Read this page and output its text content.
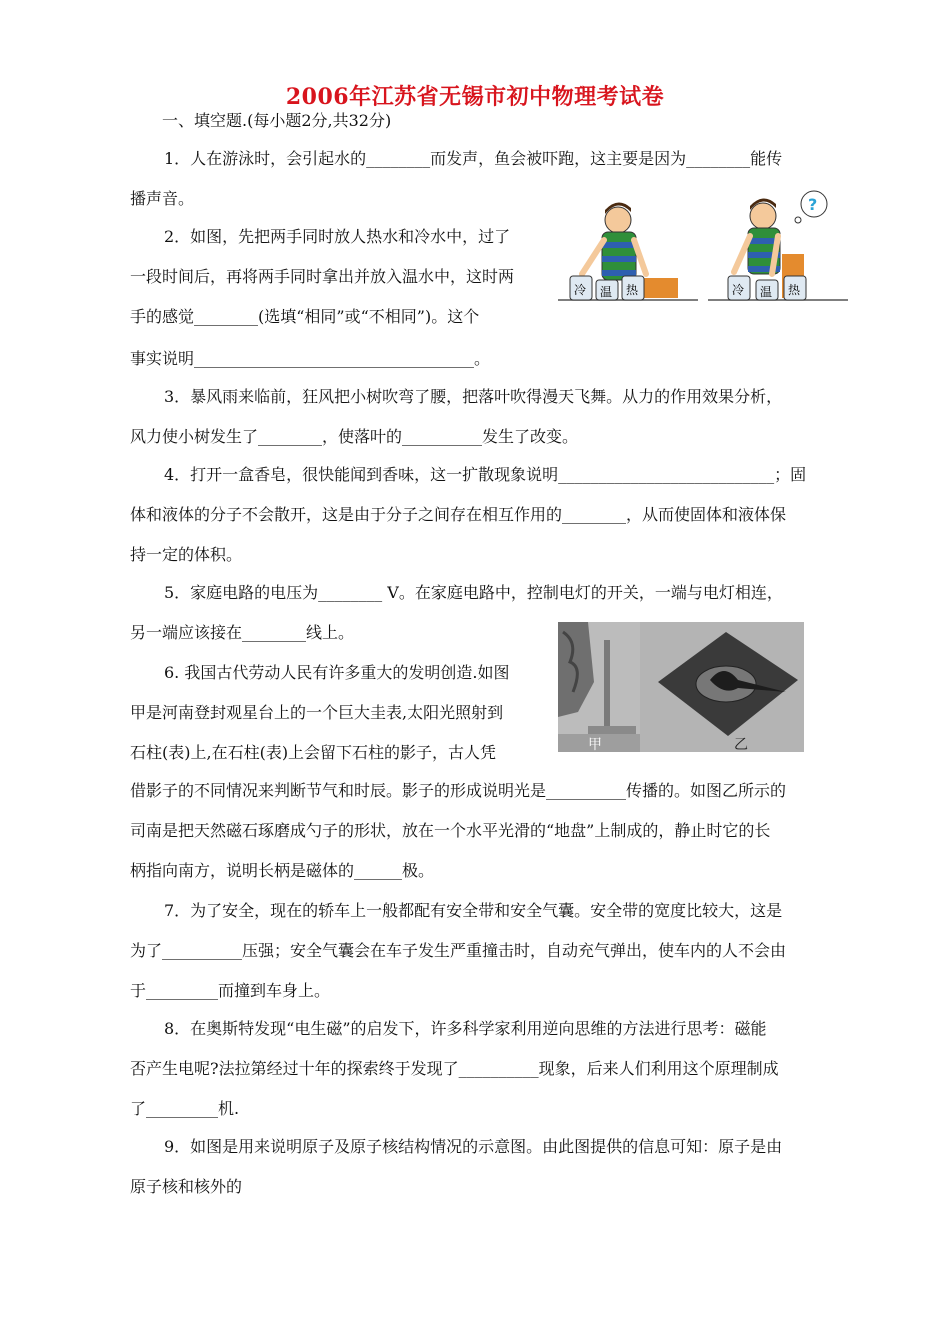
2006年江苏省无锡市初中物理考试卷
一、填空题.(每小题2分,共32分)
1．人在游泳时，会引起水的________而发声，鱼会被吓跑，这主要是因为________能传
播声音。
2．如图，先把两手同时放人热水和冷水中，过了
一段时间后，再将两手同时拿出并放入温水中，这时两
手的感觉________(选填“相同”或“不相同”)。这个
事实说明___________________________________。
3．暴风雨来临前，狂风把小树吹弯了腰，把落叶吹得漫天飞舞。从力的作用效果分析，
风力使小树发生了________，使落叶的__________发生了改变。
4．打开一盒香皂，很快能闻到香味，这一扩散现象说明___________________________；固
体和液体的分子不会散开，这是由于分子之间存在相互作用的________，从而使固体和液体保
持一定的体积。
5．家庭电路的电压为________ V。在家庭电路中，控制电灯的开关，一端与电灯相连，
另一端应该接在________线上。
6. 我国古代劳动人民有许多重大的发明创造.如图
甲是河南登封观星台上的一个巨大圭表,太阳光照射到
石柱(表)上,在石柱(表)上会留下石柱的影子，古人凭
借影子的不同情况来判断节气和时辰。影子的形成说明光是__________传播的。如图乙所示的
司南是把天然磁石琢磨成勺子的形状，放在一个水平光滑的“地盘”上制成的，静止时它的长
柄指向南方，说明长柄是磁体的______极。
7．为了安全，现在的轿车上一般都配有安全带和安全气囊。安全带的宽度比较大，这是
为了__________压强；安全气囊会在车子发生严重撞击时，自动充气弹出，使车内的人不会由
于_________而撞到车身上。
8．在奥斯特发现“电生磁”的启发下，许多科学家利用逆向思维的方法进行思考：磁能
否产生电呢?法拉第经过十年的探索终于发现了__________现象，后来人们利用这个原理制成
了_________机.
9．如图是用来说明原子及原子核结构情况的示意图。由此图提供的信息可知：原子是由
原子核和核外的
冷 温 热
?
冷 温 热
甲	乙
